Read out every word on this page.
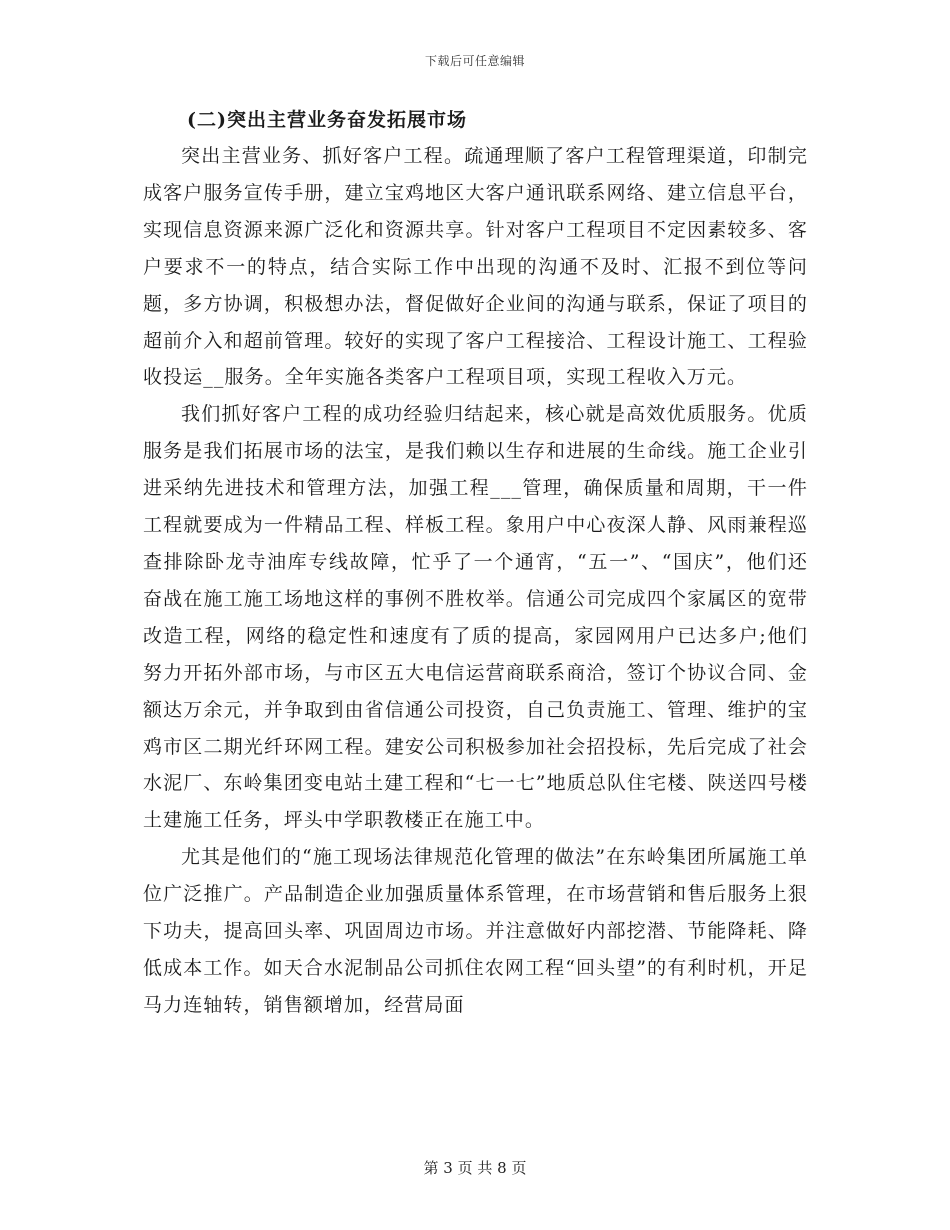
下载后可任意编辑
(二)突出主营业务奋发拓展市场

突出主营业务、抓好客户工程。疏通理顺了客户工程管理渠道，印制完成客户服务宣传手册，建立宝鸡地区大客户通讯联系网络、建立信息平台，实现信息资源来源广泛化和资源共享。针对客户工程项目不定因素较多、客户要求不一的特点，结合实际工作中出现的沟通不及时、汇报不到位等问题，多方协调，积极想办法，督促做好企业间的沟通与联系，保证了项目的超前介入和超前管理。较好的实现了客户工程接洽、工程设计施工、工程验收投运__服务。全年实施各类客户工程项目项，实现工程收入万元。

我们抓好客户工程的成功经验归结起来，核心就是高效优质服务。优质服务是我们拓展市场的法宝，是我们赖以生存和进展的生命线。施工企业引进采纳先进技术和管理方法，加强工程___管理，确保质量和周期，干一件工程就要成为一件精品工程、样板工程。象用户中心夜深人静、风雨兼程巡查排除卧龙寺油库专线故障，忙乎了一个通宵，“五一”、“国庆”，他们还奋战在施工施工场地这样的事例不胜枚举。信通公司完成四个家属区的宽带改造工程，网络的稳定性和速度有了质的提高，家园网用户已达多户;他们努力开拓外部市场，与市区五大电信运营商联系商洽，签订个协议合同、金额达万余元，并争取到由省信通公司投资，自己负责施工、管理、维护的宝鸡市区二期光纤环网工程。建安公司积极参加社会招投标，先后完成了社会水泥厂、东岭集团变电站土建工程和“七一七”地质总队住宅楼、陕送四号楼土建施工任务，坪头中学职教楼正在施工中。

尤其是他们的“施工现场法律规范化管理的做法”在东岭集团所属施工单位广泛推广。产品制造企业加强质量体系管理，在市场营销和售后服务上狠下功夫，提高回头率、巩固周边市场。并注意做好内部挖潜、节能降耗、降低成本工作。如天合水泥制品公司抓住农网工程“回头望”的有利时机，开足马力连轴转，销售额增加，经营局面

第 3 页 共 8 页
